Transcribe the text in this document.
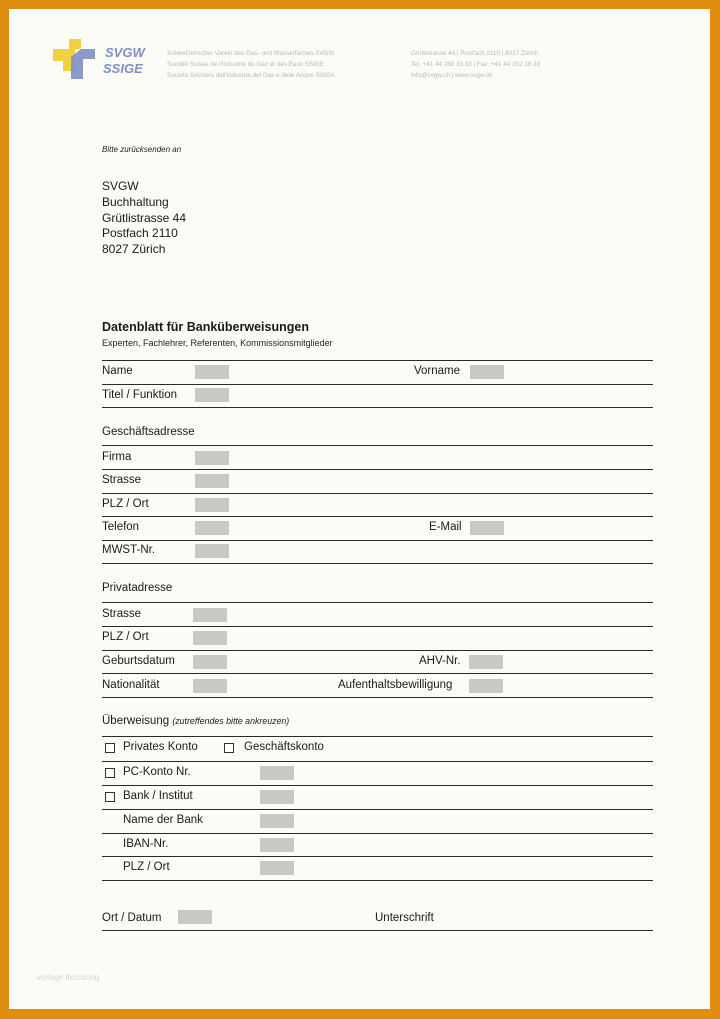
SVGW
SSIGE
Schweizerischer Verein des Gas- und Wasserfaches SVGW
Société Suisse de l'Industrie du Gaz et des Eaux SSIGE
Società Svizzera dell'Industria del Gas e delle Acque SSIGA
Grütlistrasse 44 | Postfach 2110 | 8027 Zürich
Tel. +41 44 288 33 33 | Fax: +41 44 202 16 33
info@svgw.ch | www.svgw.ch
Bitte zurücksenden an
SVGW
Buchhaltung
Grütlistrasse 44
Postfach 2110
8027 Zürich
Datenblatt für Banküberweisungen
Experten, Fachlehrer, Referenten, Kommissionsmitglieder
Name	Vorname
Titel / Funktion
Geschäftsadresse
Firma
Strasse
PLZ / Ort
Telefon	E-Mail
MWST-Nr.
Privatadresse
Strasse
PLZ / Ort
Geburtsdatum	AHV-Nr.
Nationalität	Aufenthaltsbewilligung
Überweisung (zutreffendes bitte ankreuzen)
Privates Konto	Geschäftskonto
PC-Konto Nr.
Bank / Institut
Name der Bank
IBAN-Nr.
PLZ / Ort
Ort / Datum	Unterschrift
vorlage.fixscoring
